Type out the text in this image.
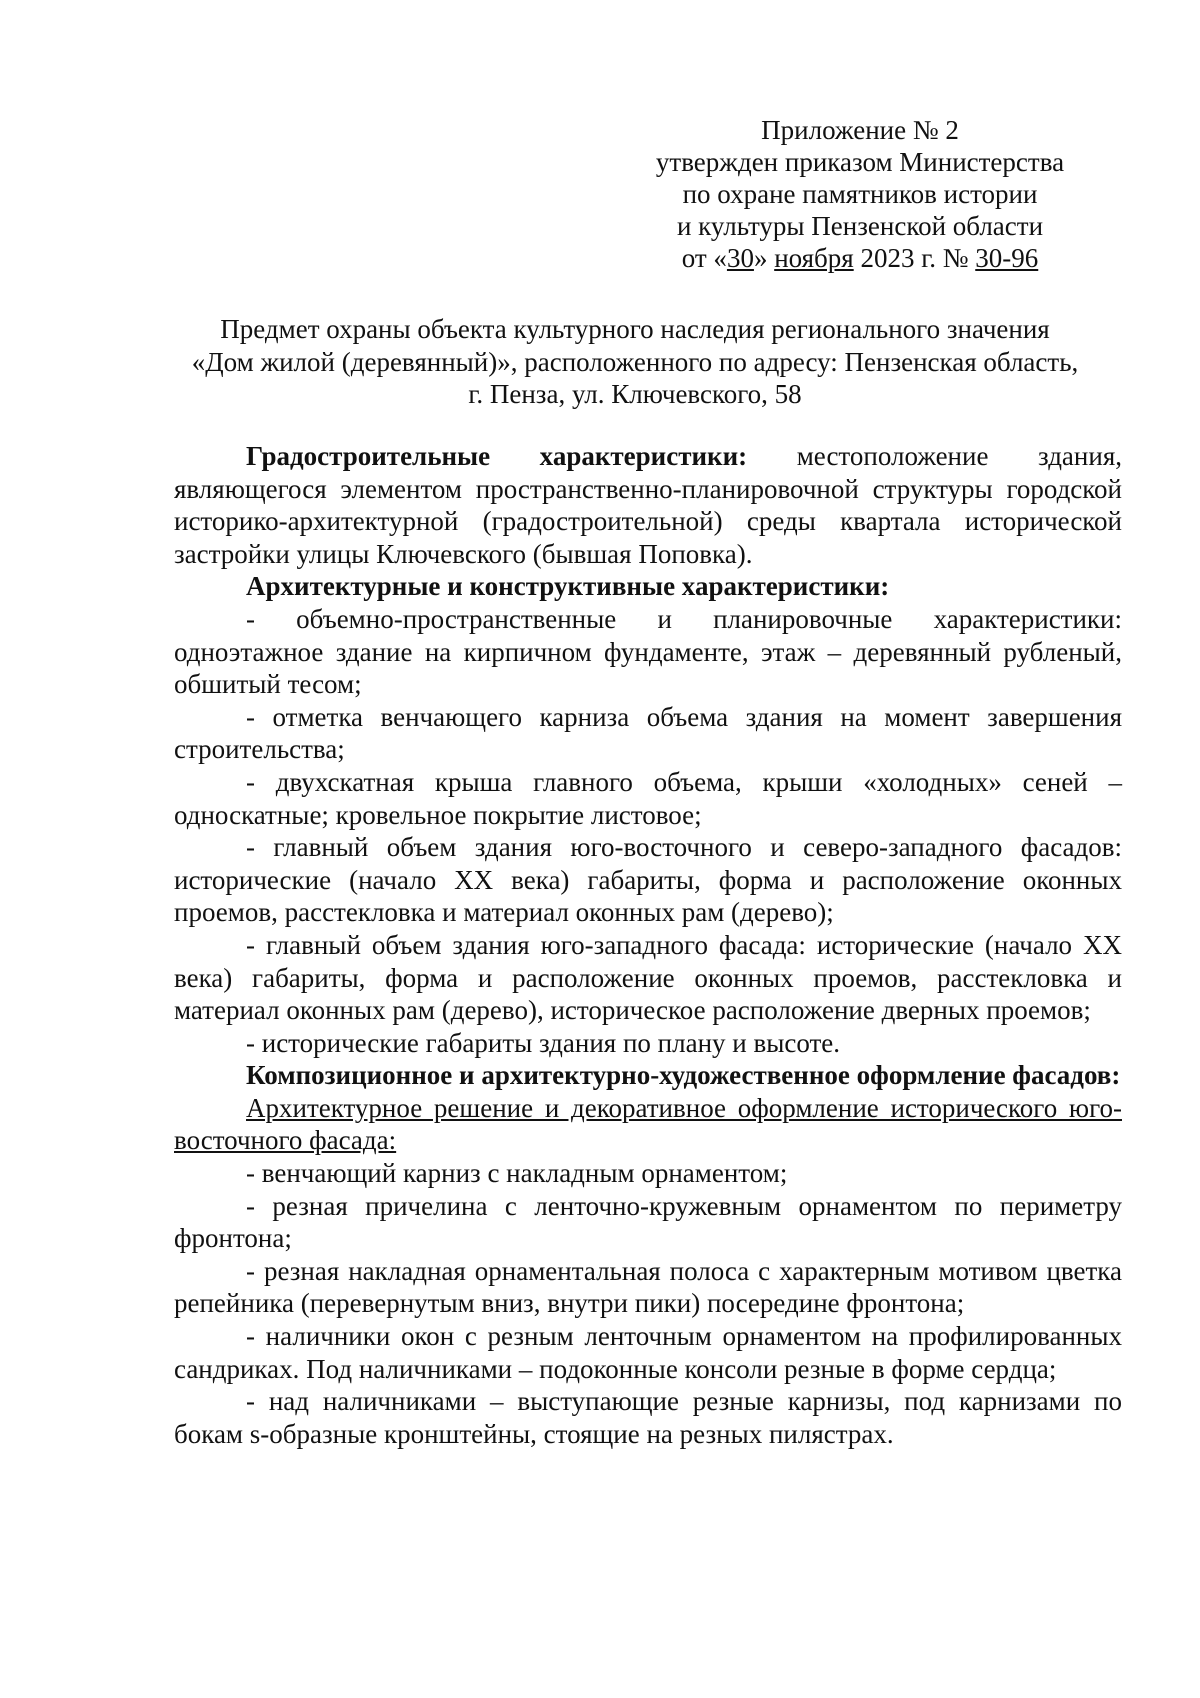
Приложение № 2
утвержден приказом Министерства
по охране памятников истории
и культуры Пензенской области
от «30» ноября 2023 г. № 30-96
Предмет охраны объекта культурного наследия регионального значения
«Дом жилой (деревянный)», расположенного по адресу: Пензенская область,
г. Пенза, ул. Ключевского, 58

Градостроительные характеристики: местоположение здания, являющегося элементом пространственно-планировочной структуры городской историко-архитектурной (градостроительной) среды квартала исторической застройки улицы Ключевского (бывшая Поповка).

Архитектурные и конструктивные характеристики:

- объемно-пространственные и планировочные характеристики: одноэтажное здание на кирпичном фундаменте, этаж – деревянный рубленый, обшитый тесом;

- отметка венчающего карниза объема здания на момент завершения строительства;

- двухскатная крыша главного объема, крыши «холодных» сеней – односкатные; кровельное покрытие листовое;

- главный объем здания юго-восточного и северо-западного фасадов: исторические (начало XX века) габариты, форма и расположение оконных проемов, расстекловка и материал оконных рам (дерево);

- главный объем здания юго-западного фасада: исторические (начало XX века) габариты, форма и расположение оконных проемов, расстекловка и материал оконных рам (дерево), историческое расположение дверных проемов;

- исторические габариты здания по плану и высоте.

Композиционное и архитектурно-художественное оформление фасадов:

Архитектурное решение и декоративное оформление исторического юго-восточного фасада:

- венчающий карниз с накладным орнаментом;

- резная причелина с ленточно-кружевным орнаментом по периметру фронтона;

- резная накладная орнаментальная полоса с характерным мотивом цветка репейника (перевернутым вниз, внутри пики) посередине фронтона;

- наличники окон с резным ленточным орнаментом на профилированных сандриках. Под наличниками – подоконные консоли резные в форме сердца;

- над наличниками – выступающие резные карнизы, под карнизами по бокам s-образные кронштейны, стоящие на резных пилястрах.
